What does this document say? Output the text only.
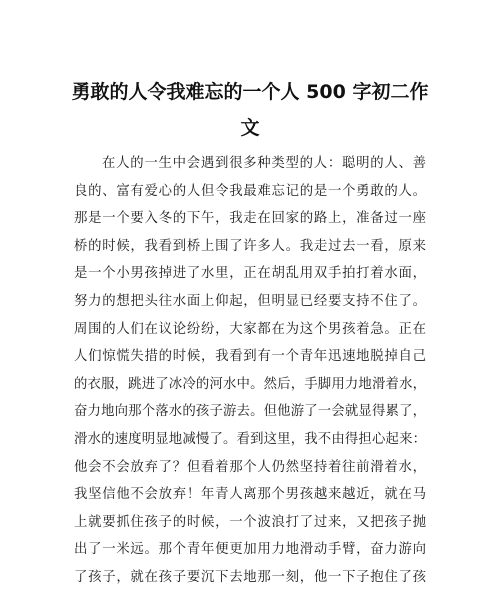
勇敢的人令我难忘的一个人 500 字初二作
文
在人的一生中会遇到很多种类型的人：聪明的人、善
良的、富有爱心的人但令我最难忘记的是一个勇敢的人。
那是一个要入冬的下午，我走在回家的路上，准备过一座
桥的时候，我看到桥上围了许多人。我走过去一看，原来
是一个小男孩掉进了水里，正在胡乱用双手拍打着水面，
努力的想把头往水面上仰起，但明显已经要支持不住了。
周围的人们在议论纷纷，大家都在为这个男孩着急。正在
人们惊慌失措的时候，我看到有一个青年迅速地脱掉自己
的衣服，跳进了冰冷的河水中。然后，手脚用力地滑着水，
奋力地向那个落水的孩子游去。但他游了一会就显得累了，
滑水的速度明显地减慢了。看到这里，我不由得担心起来：
他会不会放弃了？但看着那个人仍然坚持着往前滑着水，
我坚信他不会放弃！年青人离那个男孩越来越近，就在马
上就要抓住孩子的时候，一个波浪打了过来，又把孩子抛
出了一米远。那个青年便更加用力地滑动手臂，奋力游向
了孩子，就在孩子要沉下去地那一刻，他一下子抱住了孩
